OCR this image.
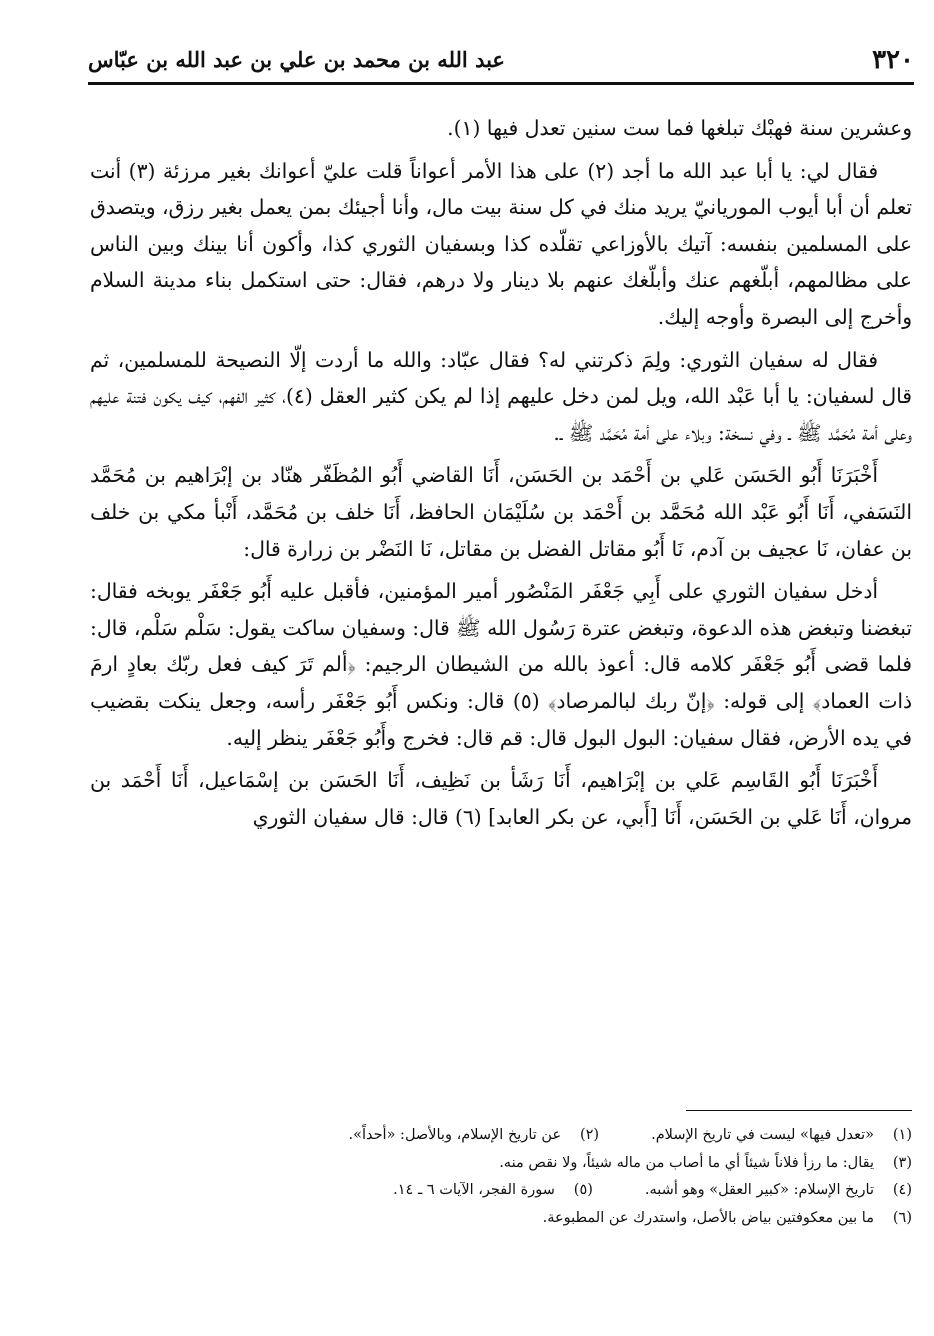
٣٢٠
عبد الله بن محمد بن علي بن عبد الله بن عبّاس

وعشرين سنة فهبْك تبلغها فما ست سنين تعدل فيها (١).

فقال لي: يا أبا عبد الله ما أجد (٢) على هذا الأمر أعواناً قلت عليّ أعوانك بغير مرزئة (٣) أنت تعلم أن أبا أيوب الموريانيّ يريد منك في كل سنة بيت مال، وأنا أجيئك بمن يعمل بغير رزق، ويتصدق على المسلمين بنفسه: آتيك بالأوزاعي تقلّده كذا وبسفيان الثوري كذا، وأكون أنا بينك وبين الناس على مظالمهم، أبلّغهم عنك وأبلّغك عنهم بلا دينار ولا درهم، فقال: حتى استكمل بناء مدينة السلام وأخرج إلى البصرة وأوجه إليك.

فقال له سفيان الثوري: ولِمَ ذكرتني له؟ فقال عبّاد: والله ما أردت إلّا النصيحة للمسلمين، ثم قال لسفيان: يا أبا عَبْد الله، ويل لمن دخل عليهم إذا لم يكن كثير العقل (٤)، كثير الفهم، كيف يكون فتنة عليهم وعلى أمة مُحَمَّد ﷺ ـ وفي نسخة: وبلاء على أمة مُحَمَّد ﷺ ـ.

أَخْبَرَنَا أَبُو الحَسَن عَلي بن أَحْمَد بن الحَسَن، أَنَا القاضي أَبُو المُظَفّر هنّاد بن إبْرَاهيم بن مُحَمَّد النَسَفي، أَنَا أَبُو عَبْد الله مُحَمَّد بن أَحْمَد بن سُلَيْمَان الحافظ، أَنَا خلف بن مُحَمَّد، أَنْبأ مكي بن خلف بن عفان، نَا عجيف بن آدم، نَا أَبُو مقاتل الفضل بن مقاتل، نَا النَضْر بن زرارة قال:

أدخل سفيان الثوري على أَبِي جَعْفَر المَنْصُور أمير المؤمنين، فأقبل عليه أَبُو جَعْفَر يوبخه فقال: تبغضنا وتبغض هذه الدعوة، وتبغض عترة رَسُول الله ﷺ قال: وسفيان ساكت يقول: سَلْم سَلْم، قال: فلما قضى أَبُو جَعْفَر كلامه قال: أعوذ بالله من الشيطان الرجيم: ﴿ألم تَرَ كيف فعل ربّك بعادٍ ارمَ ذات العماد﴾ إلى قوله: ﴿إنّ ربك لبالمرصاد﴾ (٥) قال: ونكس أَبُو جَعْفَر رأسه، وجعل ينكت بقضيب في يده الأرض، فقال سفيان: البول البول قال: قم قال: فخرج وأَبُو جَعْفَر ينظر إليه.

أَخْبَرَنَا أَبُو القَاسِم عَلي بن إبْرَاهيم، أَنَا رَشَأ بن نَظِيف، أَنَا الحَسَن بن إسْمَاعيل، أَنَا أَحْمَد بن مروان، أَنَا عَلي بن الحَسَن، أَنَا [أَبي، عن بكر العابد] (٦) قال: قال سفيان الثوري

(١)«تعدل فيها» ليست في تاريخ الإسلام.(٢)عن تاريخ الإسلام، وبالأصل: «أحداً».
(٣)يقال: ما رزأ فلاناً شيئاً أي ما أصاب من ماله شيئاً، ولا نقص منه.
(٤)تاريخ الإسلام: «كبير العقل» وهو أشبه.(٥)سورة الفجر، الآيات ٦ ـ ١٤.
(٦)ما بين معكوفتين بياض بالأصل، واستدرك عن المطبوعة.
